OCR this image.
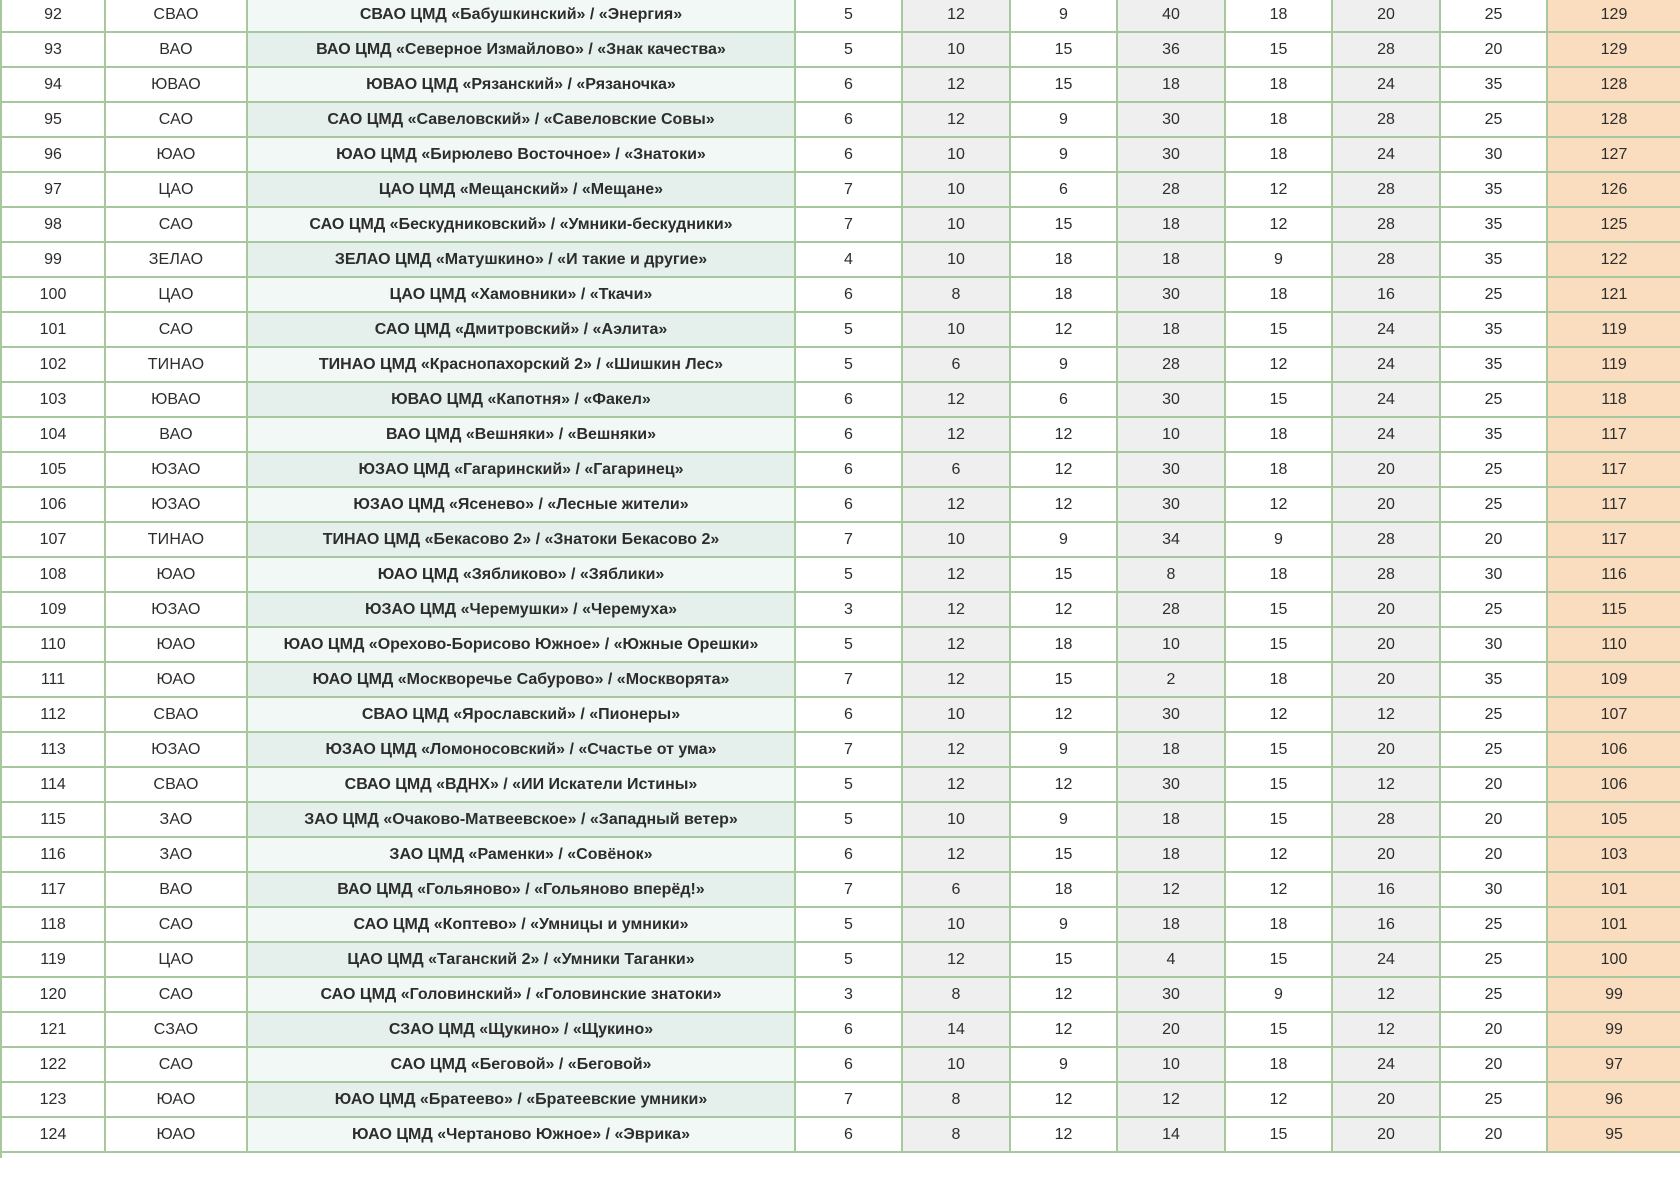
92	СВАО	СВАО ЦМД «Бабушкинский» / «Энергия»	5	12	9	40	18	20	25	129
93	ВАО	ВАО ЦМД «Северное Измайлово» / «Знак качества»	5	10	15	36	15	28	20	129
94	ЮВАО	ЮВАО ЦМД «Рязанский» / «Рязаночка»	6	12	15	18	18	24	35	128
95	САО	САО ЦМД «Савеловский» / «Савеловские Совы»	6	12	9	30	18	28	25	128
96	ЮАО	ЮАО ЦМД «Бирюлево Восточное» / «Знатоки»	6	10	9	30	18	24	30	127
97	ЦАО	ЦАО ЦМД «Мещанский» / «Мещане»	7	10	6	28	12	28	35	126
98	САО	САО ЦМД «Бескудниковский» / «Умники-бескудники»	7	10	15	18	12	28	35	125
99	ЗЕЛАО	ЗЕЛАО ЦМД «Матушкино» / «И такие и другие»	4	10	18	18	9	28	35	122
100	ЦАО	ЦАО ЦМД «Хамовники» / «Ткачи»	6	8	18	30	18	16	25	121
101	САО	САО ЦМД «Дмитровский» / «Аэлита»	5	10	12	18	15	24	35	119
102	ТИНАО	ТИНАО ЦМД «Краснопахорский 2» / «Шишкин Лес»	5	6	9	28	12	24	35	119
103	ЮВАО	ЮВАО ЦМД «Капотня» / «Факел»	6	12	6	30	15	24	25	118
104	ВАО	ВАО ЦМД «Вешняки» / «Вешняки»	6	12	12	10	18	24	35	117
105	ЮЗАО	ЮЗАО ЦМД «Гагаринский» / «Гагаринец»	6	6	12	30	18	20	25	117
106	ЮЗАО	ЮЗАО ЦМД «Ясенево» / «Лесные жители»	6	12	12	30	12	20	25	117
107	ТИНАО	ТИНАО ЦМД «Бекасово 2» / «Знатоки Бекасово 2»	7	10	9	34	9	28	20	117
108	ЮАО	ЮАО ЦМД «Зябликово» / «Зяблики»	5	12	15	8	18	28	30	116
109	ЮЗАО	ЮЗАО ЦМД «Черемушки» / «Черемуха»	3	12	12	28	15	20	25	115
110	ЮАО	ЮАО ЦМД «Орехово-Борисово Южное» / «Южные Орешки»	5	12	18	10	15	20	30	110
111	ЮАО	ЮАО ЦМД «Москворечье Сабурово» / «Москворята»	7	12	15	2	18	20	35	109
112	СВАО	СВАО ЦМД «Ярославский» / «Пионеры»	6	10	12	30	12	12	25	107
113	ЮЗАО	ЮЗАО ЦМД «Ломоносовский» / «Счастье от ума»	7	12	9	18	15	20	25	106
114	СВАО	СВАО ЦМД «ВДНХ» / «ИИ Искатели Истины»	5	12	12	30	15	12	20	106
115	ЗАО	ЗАО ЦМД «Очаково-Матвеевское» / «Западный ветер»	5	10	9	18	15	28	20	105
116	ЗАО	ЗАО ЦМД «Раменки» / «Совёнок»	6	12	15	18	12	20	20	103
117	ВАО	ВАО ЦМД «Гольяново» / «Гольяново вперёд!»	7	6	18	12	12	16	30	101
118	САО	САО ЦМД «Коптево» / «Умницы и умники»	5	10	9	18	18	16	25	101
119	ЦАО	ЦАО ЦМД «Таганский 2» / «Умники Таганки»	5	12	15	4	15	24	25	100
120	САО	САО ЦМД «Головинский» / «Головинские знатоки»	3	8	12	30	9	12	25	99
121	СЗАО	СЗАО ЦМД «Щукино» / «Щукино»	6	14	12	20	15	12	20	99
122	САО	САО ЦМД «Беговой» / «Беговой»	6	10	9	10	18	24	20	97
123	ЮАО	ЮАО ЦМД «Братеево» / «Братеевские умники»	7	8	12	12	12	20	25	96
124	ЮАО	ЮАО ЦМД «Чертаново Южное» / «Эврика»	6	8	12	14	15	20	20	95
